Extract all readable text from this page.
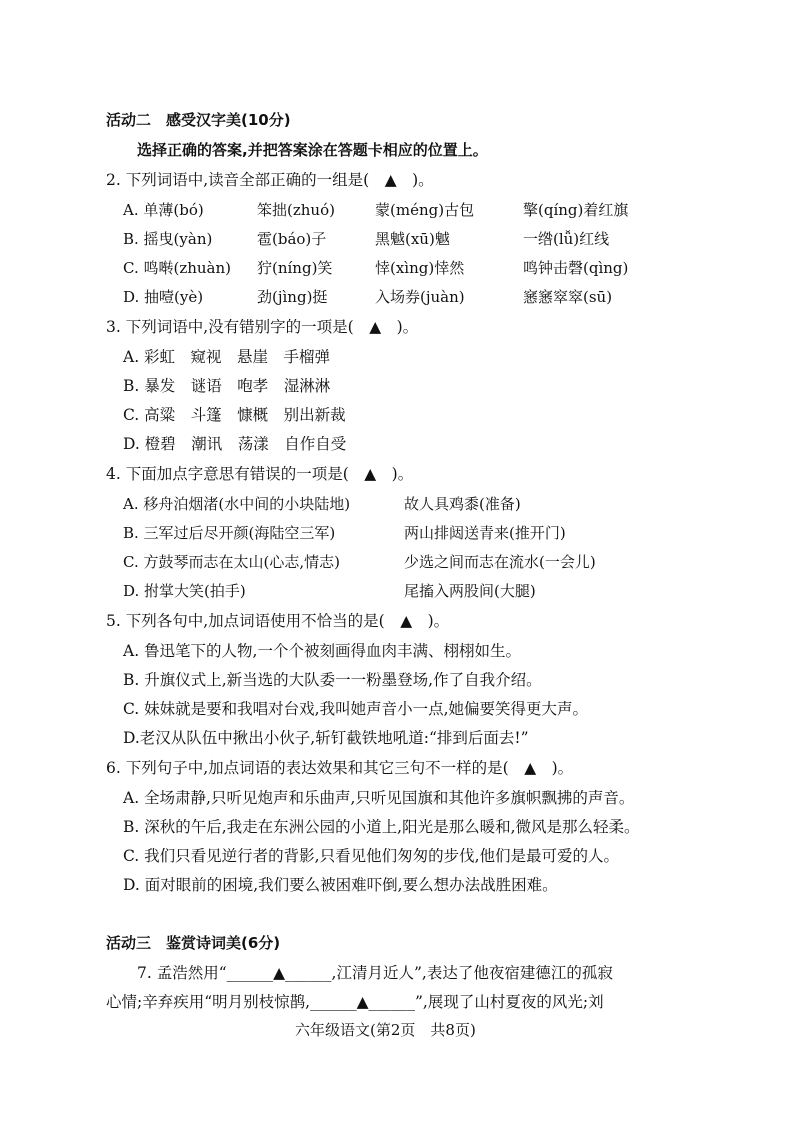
活动二　感受汉字美(10分)
选择正确的答案,并把答案涂在答题卡相应的位置上。
2. 下列词语中,读音全部正确的一组是(　▲　)。
A. 单薄(bó)	笨拙(zhuó)	蒙(méng)古包	擎(qíng)着红旗
B. 摇曳(yàn)	雹(báo)子	黑魆(xū)魆	一绺(lǚ)红线
C. 鸣啭(zhuàn) 狞(níng)笑	悻(xìng)悻然	鸣钟击磬(qìng)
D. 抽噎(yè)	劲(jìng)挺	入场券(juàn)	窸窸窣窣(sū)
3. 下列词语中,没有错别字的一项是(　▲　)。
A. 彩虹　窥视　悬崖　手榴弹
B. 暴发　谜语　咆孝　湿淋淋
C. 高粱　斗篷　慷概　别出新裁
D. 橙碧　潮讯　荡漾　自作自受
4. 下面加点字意思有错误的一项是(　▲　)。
A. 移舟泊烟渚(水中间的小块陆地)	故人具鸡黍(准备)
B. 三军过后尽开颜(海陆空三军)	两山排闼送青来(推开门)
C. 方鼓琴而志在太山(心志,情志)	少选之间而志在流水(一会儿)
D. 拊掌大笑(拍手)	尾搐入两股间(大腿)
5. 下列各句中,加点词语使用不恰当的是(　▲　)。
A. 鲁迅笔下的人物,一个个被刻画得血肉丰满、栩栩如生。
B. 升旗仪式上,新当选的大队委一一粉墨登场,作了自我介绍。
C. 妹妹就是要和我唱对台戏,我叫她声音小一点,她偏要笑得更大声。
D.老汉从队伍中揪出小伙子,斩钉截铁地吼道:“排到后面去!”
6. 下列句子中,加点词语的表达效果和其它三句不一样的是(　▲　)。
A. 全场肃静,只听见炮声和乐曲声,只听见国旗和其他许多旗帜飘拂的声音。
B. 深秋的午后,我走在东洲公园的小道上,阳光是那么暖和,微风是那么轻柔。
C. 我们只看见逆行者的背影,只看见他们匆匆的步伐,他们是最可爱的人。
D. 面对眼前的困境,我们要么被困难吓倒,要么想办法战胜困难。
活动三　鉴赏诗词美(6分)
7. 孟浩然用“______▲______,江清月近人”,表达了他夜宿建德江的孤寂
心情;辛弃疾用“明月别枝惊鹊,______▲______”,展现了山村夏夜的风光;刘
六年级语文(第2页　共8页)
